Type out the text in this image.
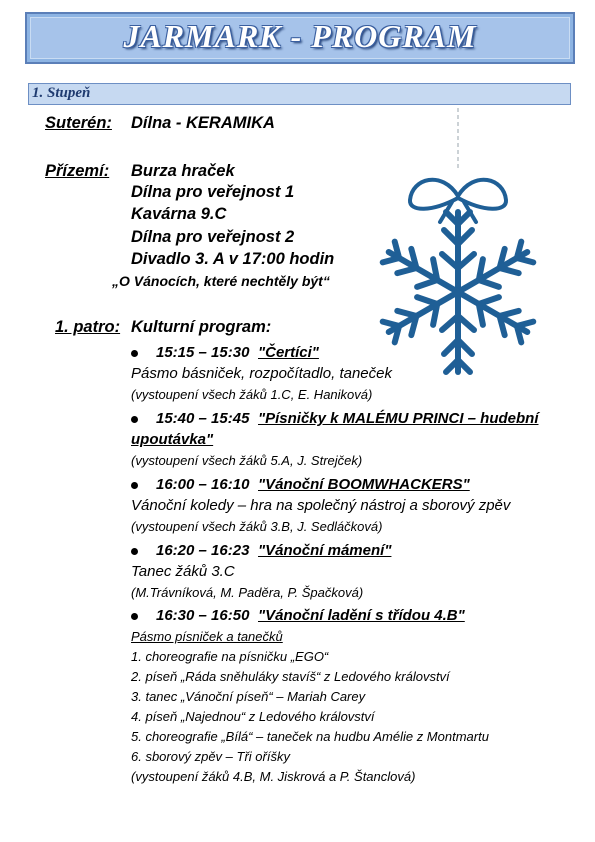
JARMARK - PROGRAM
1. Stupeň
Suterén: Dílna - KERAMIKA
Přízemí: Burza hraček
Dílna pro veřejnost 1
Kavárna 9.C
Dílna pro veřejnost 2
Divadlo 3. A v 17:00 hodin
„O Vánocích, které nechtěly být“
1. patro: Kulturní program:
15:15 – 15:30 "Čertíci"
Pásmo básniček, rozpočítadlo, taneček
(vystoupení všech žáků 1.C, E. Haniková)
15:40 – 15:45 "Písničky k MALÉMU PRINCI – hudební
upoutávka"
(vystoupení všech žáků 5.A, J. Strejček)
16:00 – 16:10 "Vánoční BOOMWHACKERS"
Vánoční koledy – hra na společný nástroj a sborový zpěv
(vystoupení všech žáků 3.B, J. Sedláčková)
16:20 – 16:23 "Vánoční mámení"
Tanec žáků 3.C
(M.Trávníková, M. Paděra, P. Špačková)
16:30 – 16:50 "Vánoční ladění s třídou 4.B"
Pásmo písniček a tanečků
1. choreografie na písničku „EGO“
2. píseň „Ráda sněhuláky stavíš“ z Ledového království
3. tanec „Vánoční píseň“ – Mariah Carey
4. píseň „Najednou“ z Ledového království
5. choreografie „Bílá“ – taneček na hudbu Amélie z Montmartu
6. sborový zpěv – Tři oříšky
(vystoupení žáků 4.B, M. Jiskrová a P. Štanclová)
